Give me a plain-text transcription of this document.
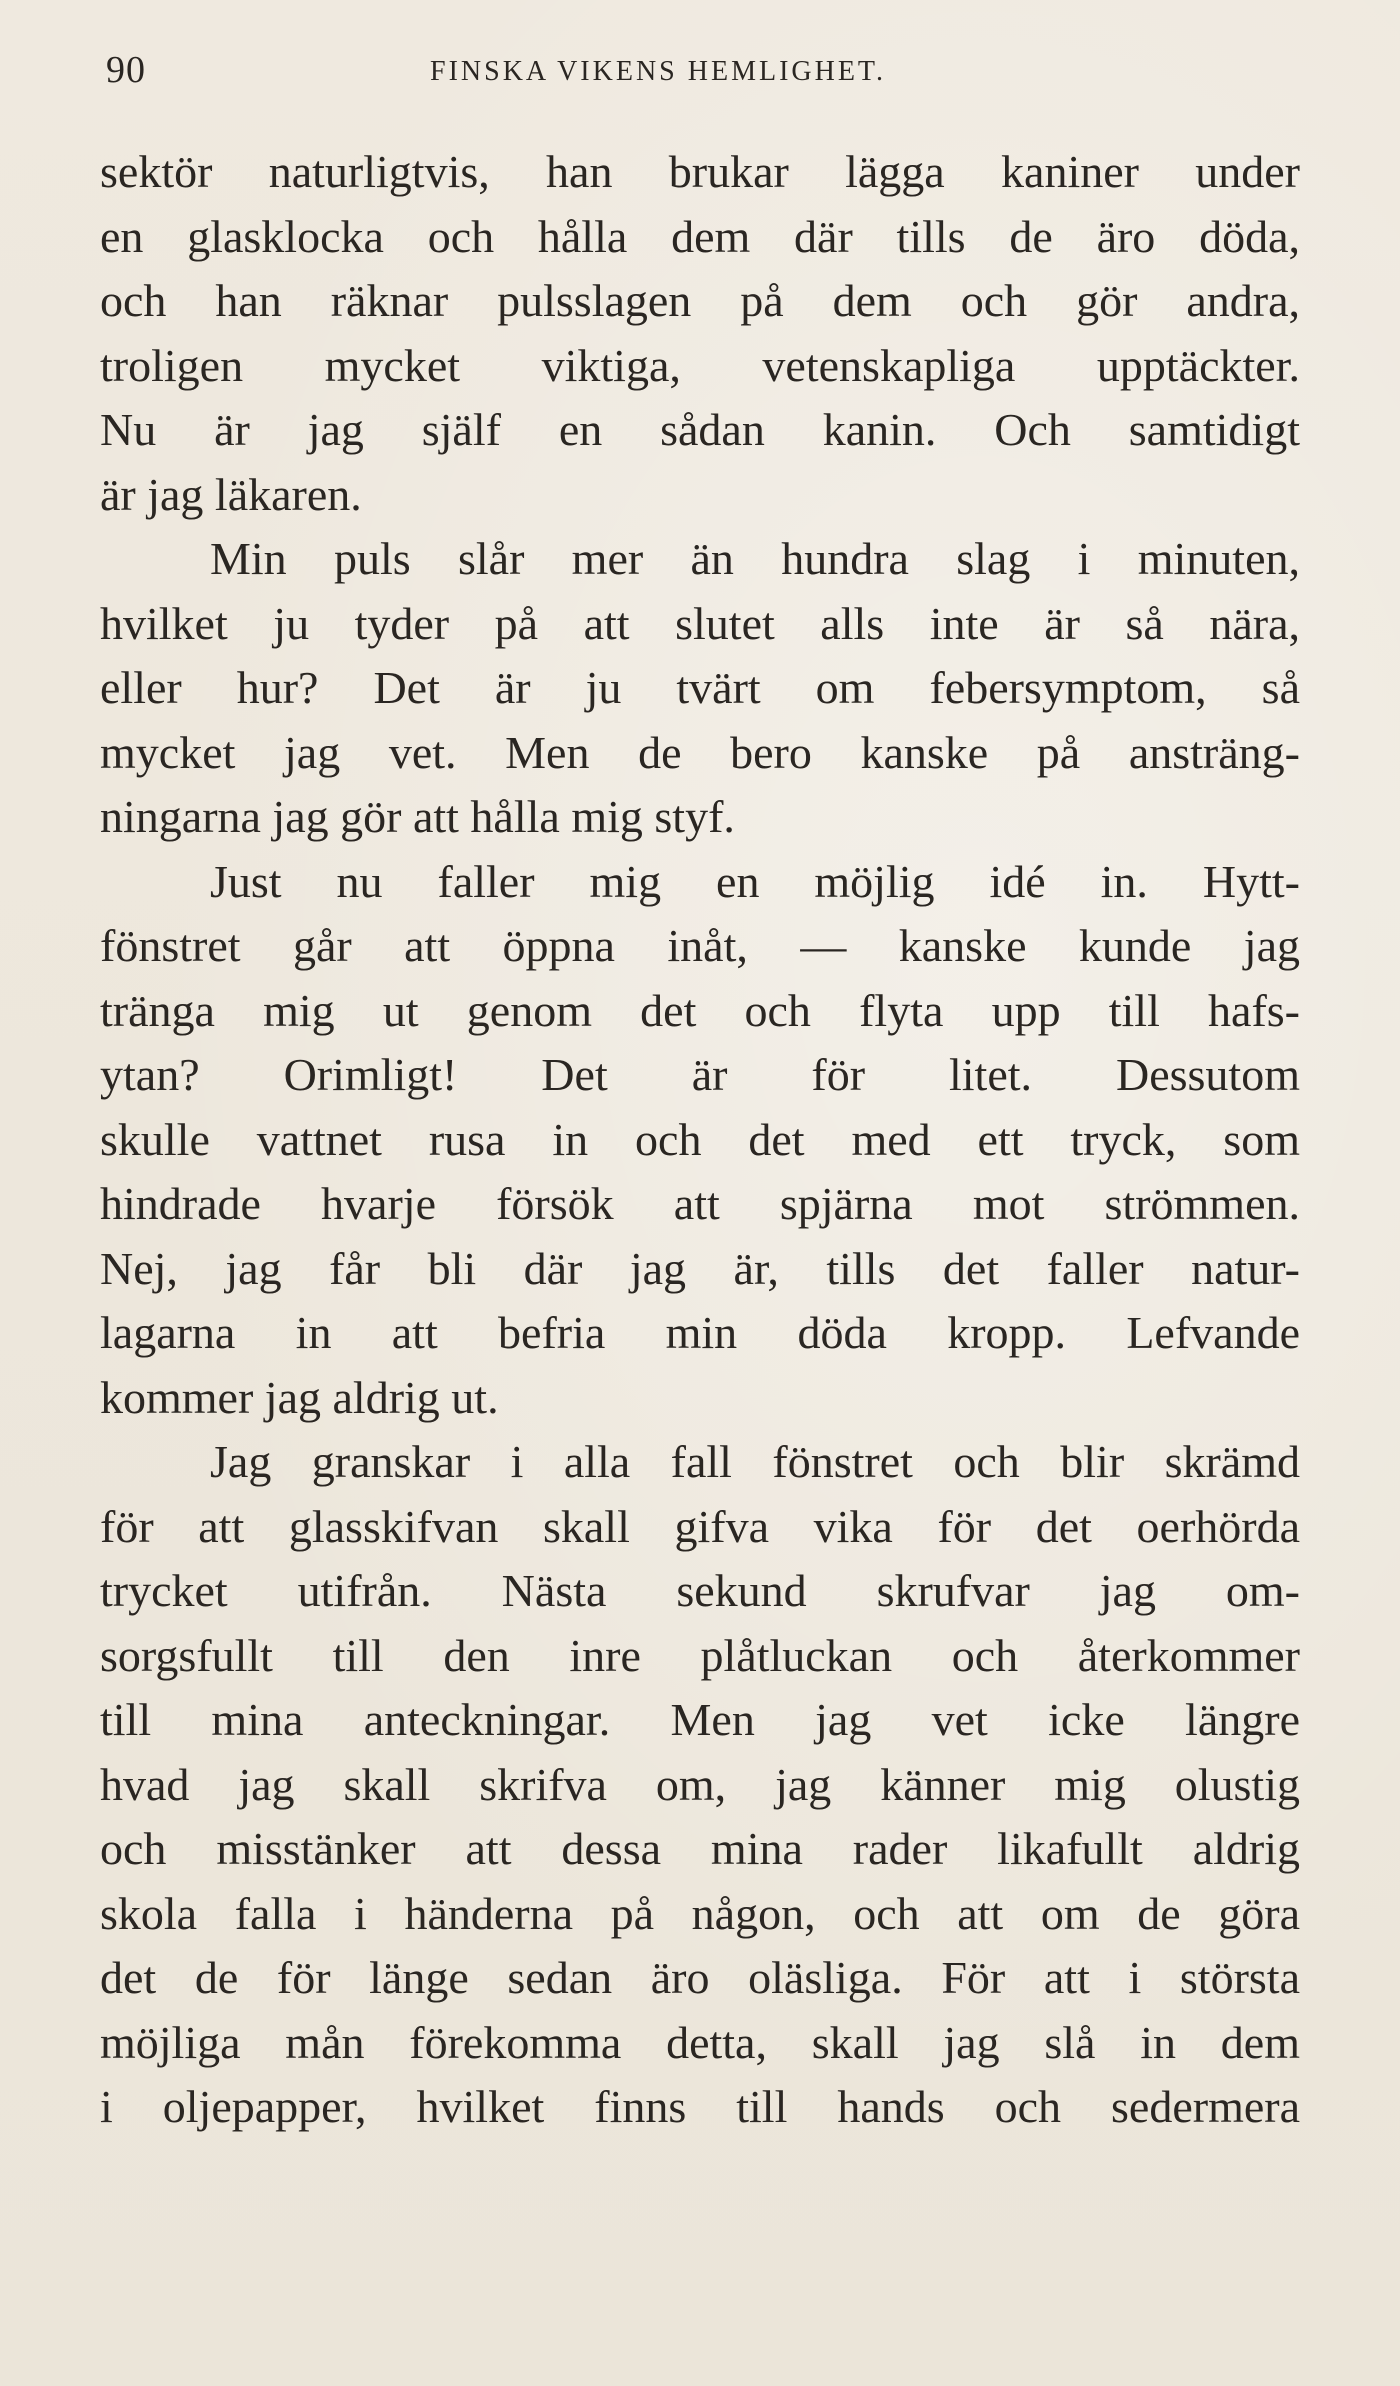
90	FINSKA VIKENS HEMLIGHET.
sektör naturligtvis, han brukar lägga kaniner under
en glasklocka och hålla dem där tills de äro döda,
och han räknar pulsslagen på dem och gör andra,
troligen mycket viktiga, vetenskapliga upptäckter.
Nu är jag själf en sådan kanin. Och samtidigt
är jag läkaren.
Min puls slår mer än hundra slag i minuten,
hvilket ju tyder på att slutet alls inte är så nära,
eller hur? Det är ju tvärt om febersymptom, så
mycket jag vet. Men de bero kanske på ansträng-
ningarna jag gör att hålla mig styf.
Just nu faller mig en möjlig idé in. Hytt-
fönstret går att öppna inåt, — kanske kunde jag
tränga mig ut genom det och flyta upp till hafs-
ytan? Orimligt! Det är för litet. Dessutom
skulle vattnet rusa in och det med ett tryck, som
hindrade hvarje försök att spjärna mot strömmen.
Nej, jag får bli där jag är, tills det faller natur-
lagarna in att befria min döda kropp. Lefvande
kommer jag aldrig ut.
Jag granskar i alla fall fönstret och blir skrämd
för att glasskifvan skall gifva vika för det oerhörda
trycket utifrån. Nästa sekund skrufvar jag om-
sorgsfullt till den inre plåtluckan och återkommer
till mina anteckningar. Men jag vet icke längre
hvad jag skall skrifva om, jag känner mig olustig
och misstänker att dessa mina rader likafullt aldrig
skola falla i händerna på någon, och att om de göra
det de för länge sedan äro oläsliga. För att i största
möjliga mån förekomma detta, skall jag slå in dem
i oljepapper, hvilket finns till hands och sedermera
